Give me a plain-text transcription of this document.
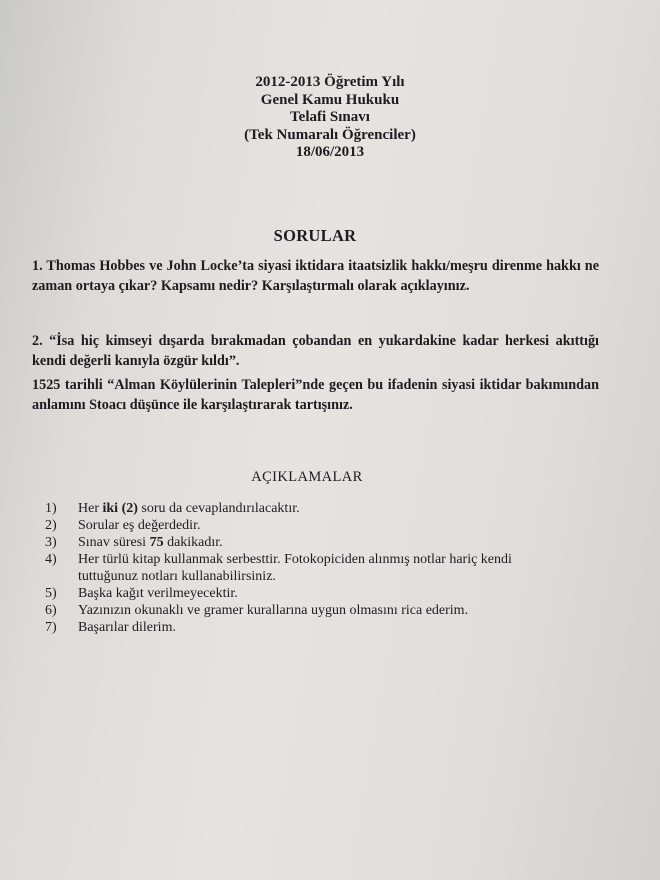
2012-2013 Öğretim Yılı
Genel Kamu Hukuku
Telafi Sınavı
(Tek Numaralı Öğrenciler)
18/06/2013
SORULAR
1. Thomas Hobbes ve John Locke’ta siyasi iktidara itaatsizlik hakkı/meşru direnme hakkı ne zaman ortaya çıkar? Kapsamı nedir? Karşılaştırmalı olarak açıklayınız.
2. “İsa hiç kimseyi dışarda bırakmadan çobandan en yukardakine kadar herkesi akıttığı kendi değerli kanıyla özgür kıldı”.
1525 tarihli “Alman Köylülerinin Talepleri”nde geçen bu ifadenin siyasi iktidar bakımından anlamını Stoacı düşünce ile karşılaştırarak tartışınız.
AÇIKLAMALAR
1)	Her iki (2) soru da cevaplandırılacaktır.
2)	Sorular eş değerdedir.
3)	Sınav süresi 75 dakikadır.
4)	Her türlü kitap kullanmak serbesttir. Fotokopiciden alınmış notlar hariç kendi tuttuğunuz notları kullanabilirsiniz.
5)	Başka kağıt verilmeyecektir.
6)	Yazınızın okunaklı ve gramer kurallarına uygun olmasını rica ederim.
7)	Başarılar dilerim.
